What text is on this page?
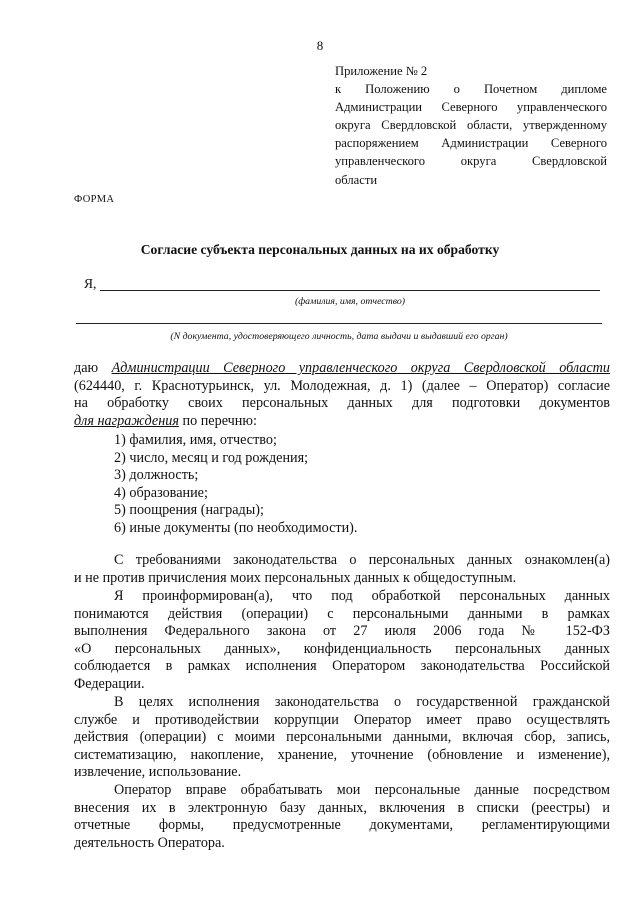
8
Приложение № 2
к Положению о Почетном дипломе
Администрации Северного управленческого
округа Свердловской области, утвержденному
распоряжением Администрации Северного
управленческого округа Свердловской
области
ФОРМА
Согласие субъекта персональных данных на их обработку
Я,
(фамилия, имя, отчество)
(N документа, удостоверяющего личность, дата выдачи и выдавший его орган)
даю Администрации Северного управленческого округа Свердловской области
(624440, г. Краснотурьинск, ул. Молодежная, д. 1) (далее – Оператор) согласие
на обработку своих персональных данных для подготовки документов
для награждения по перечню:
1) фамилия, имя, отчество;
2) число, месяц и год рождения;
3) должность;
4) образование;
5) поощрения (награды);
6) иные документы (по необходимости).
С требованиями законодательства о персональных данных ознакомлен(а)
и не против причисления моих персональных данных к общедоступным.
Я проинформирован(а), что под обработкой персональных данных
понимаются действия (операции) с персональными данными в рамках
выполнения Федерального закона от 27 июля 2006 года № 152-ФЗ
«О персональных данных», конфиденциальность персональных данных
соблюдается в рамках исполнения Оператором законодательства Российской
Федерации.
В целях исполнения законодательства о государственной гражданской
службе и противодействии коррупции Оператор имеет право осуществлять
действия (операции) с моими персональными данными, включая сбор, запись,
систематизацию, накопление, хранение, уточнение (обновление и изменение),
извлечение, использование.
Оператор вправе обрабатывать мои персональные данные посредством
внесения их в электронную базу данных, включения в списки (реестры) и
отчетные формы, предусмотренные документами, регламентирующими
деятельность Оператора.
